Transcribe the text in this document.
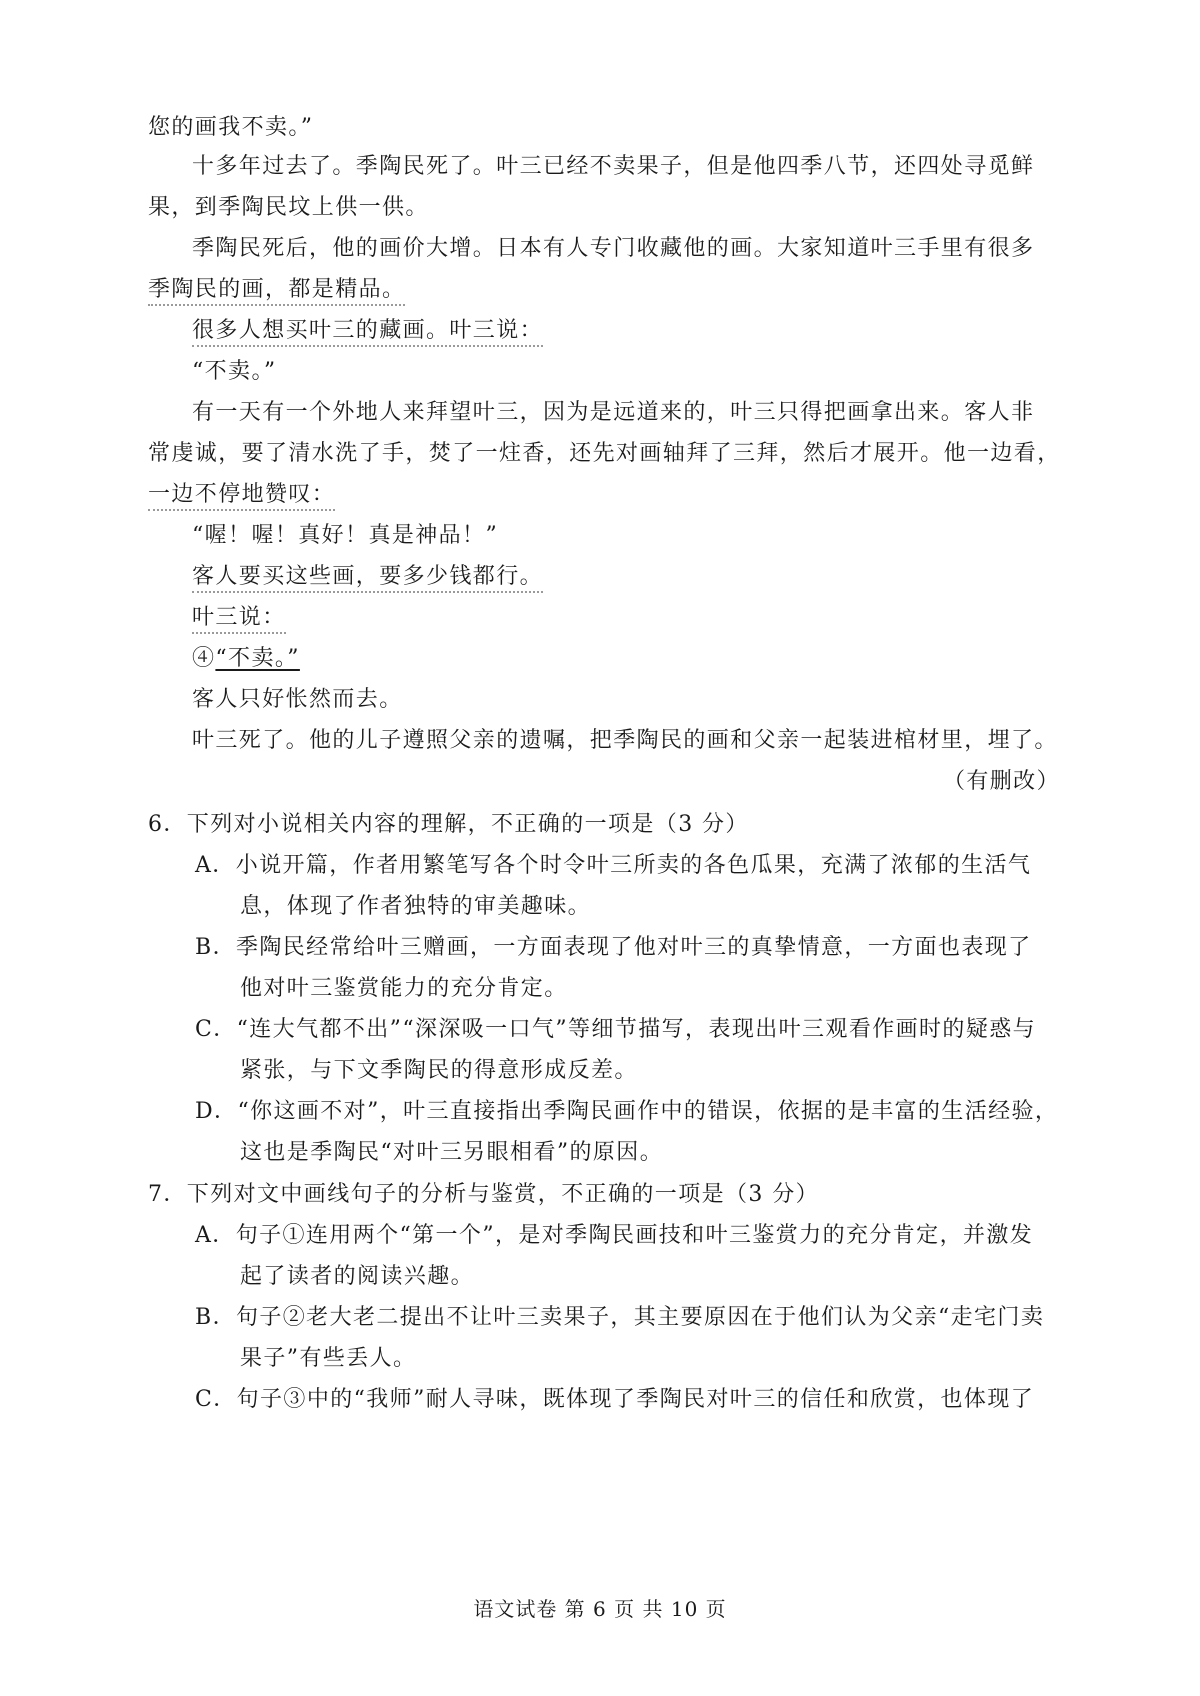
您的画我不卖。”
十多年过去了。季陶民死了。叶三已经不卖果子，但是他四季八节，还四处寻觅鲜
果，到季陶民坟上供一供。
季陶民死后，他的画价大增。日本有人专门收藏他的画。大家知道叶三手里有很多
季陶民的画，都是精品。
很多人想买叶三的藏画。叶三说：
“不卖。”
有一天有一个外地人来拜望叶三，因为是远道来的，叶三只得把画拿出来。客人非
常虔诚，要了清水洗了手，焚了一炷香，还先对画轴拜了三拜，然后才展开。他一边看，
一边不停地赞叹：
“喔！喔！真好！真是神品！”
客人要买这些画，要多少钱都行。
叶三说：
④“不卖。”
客人只好怅然而去。
叶三死了。他的儿子遵照父亲的遗嘱，把季陶民的画和父亲一起装进棺材里，埋了。
（有删改）
6．下列对小说相关内容的理解，不正确的一项是（3 分）
A．小说开篇，作者用繁笔写各个时令叶三所卖的各色瓜果，充满了浓郁的生活气
息，体现了作者独特的审美趣味。
B．季陶民经常给叶三赠画，一方面表现了他对叶三的真挚情意，一方面也表现了
他对叶三鉴赏能力的充分肯定。
C．“连大气都不出”“深深吸一口气”等细节描写，表现出叶三观看作画时的疑惑与
紧张，与下文季陶民的得意形成反差。
D．“你这画不对”，叶三直接指出季陶民画作中的错误，依据的是丰富的生活经验，
这也是季陶民“对叶三另眼相看”的原因。
7．下列对文中画线句子的分析与鉴赏，不正确的一项是（3 分）
A．句子①连用两个“第一个”，是对季陶民画技和叶三鉴赏力的充分肯定，并激发
起了读者的阅读兴趣。
B．句子②老大老二提出不让叶三卖果子，其主要原因在于他们认为父亲“走宅门卖
果子”有些丢人。
C．句子③中的“我师”耐人寻味，既体现了季陶民对叶三的信任和欣赏，也体现了
语文试卷 第 6 页 共 10 页
